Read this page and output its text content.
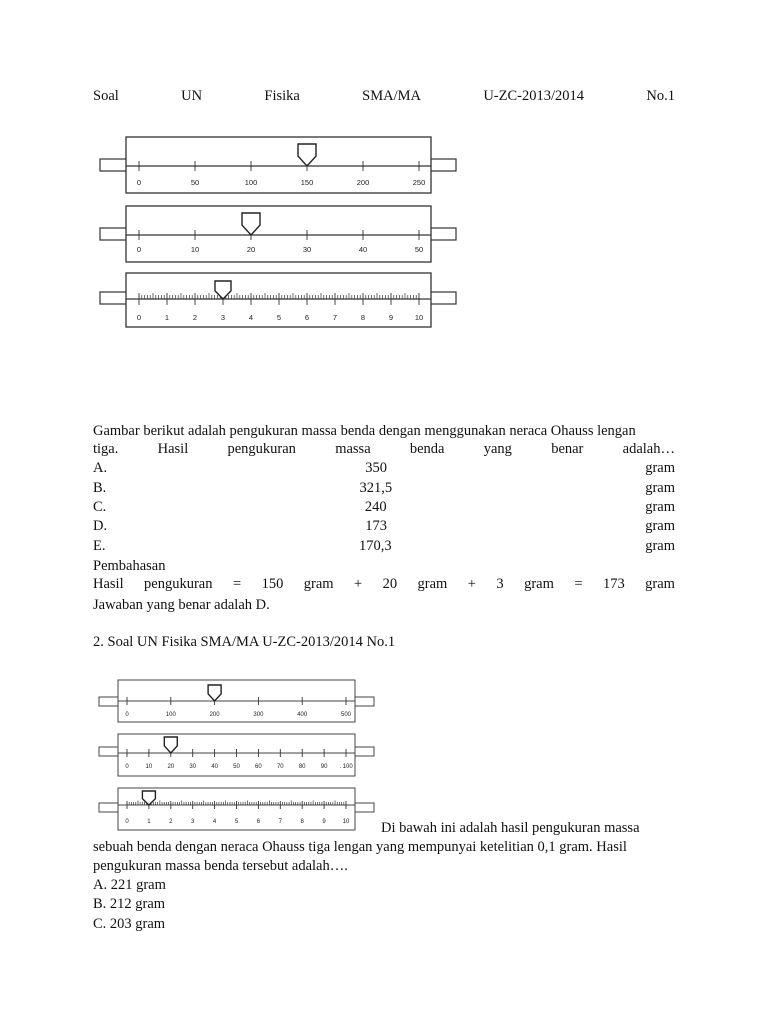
Soal	UN	Fisika	SMA/MA	U-ZC-2013/2014	No.1
0	50	100	150	200	250
0	10	20	30	40	50
0	1	2	3	4	5	6	7	8	9	10
Gambar berikut adalah pengukuran massa benda dengan menggunakan neraca Ohauss lengan
tiga.	Hasil	pengukuran	massa	benda	yang	benar	adalah…
A.	350	gram
B.	321,5	gram
C.	240	gram
D.	173	gram
E.	170,3	gram
Pembahasan
Hasil pengukuran = 150 gram + 20 gram + 3 gram = 173 gram
Jawaban yang benar adalah D.
2. Soal UN Fisika SMA/MA U-ZC-2013/2014 No.1
0	100	200	300	400	500
0	10	20	30	40	50	60	70	80	90 . 100
0	1	2	3	4	5	6	7	8	9	10 Di bawah ini adalah hasil pengukuran massa
sebuah benda dengan neraca Ohauss tiga lengan yang mempunyai ketelitian 0,1 gram. Hasil
pengukuran massa benda tersebut adalah….
A. 221 gram
B. 212 gram
C. 203 gram
